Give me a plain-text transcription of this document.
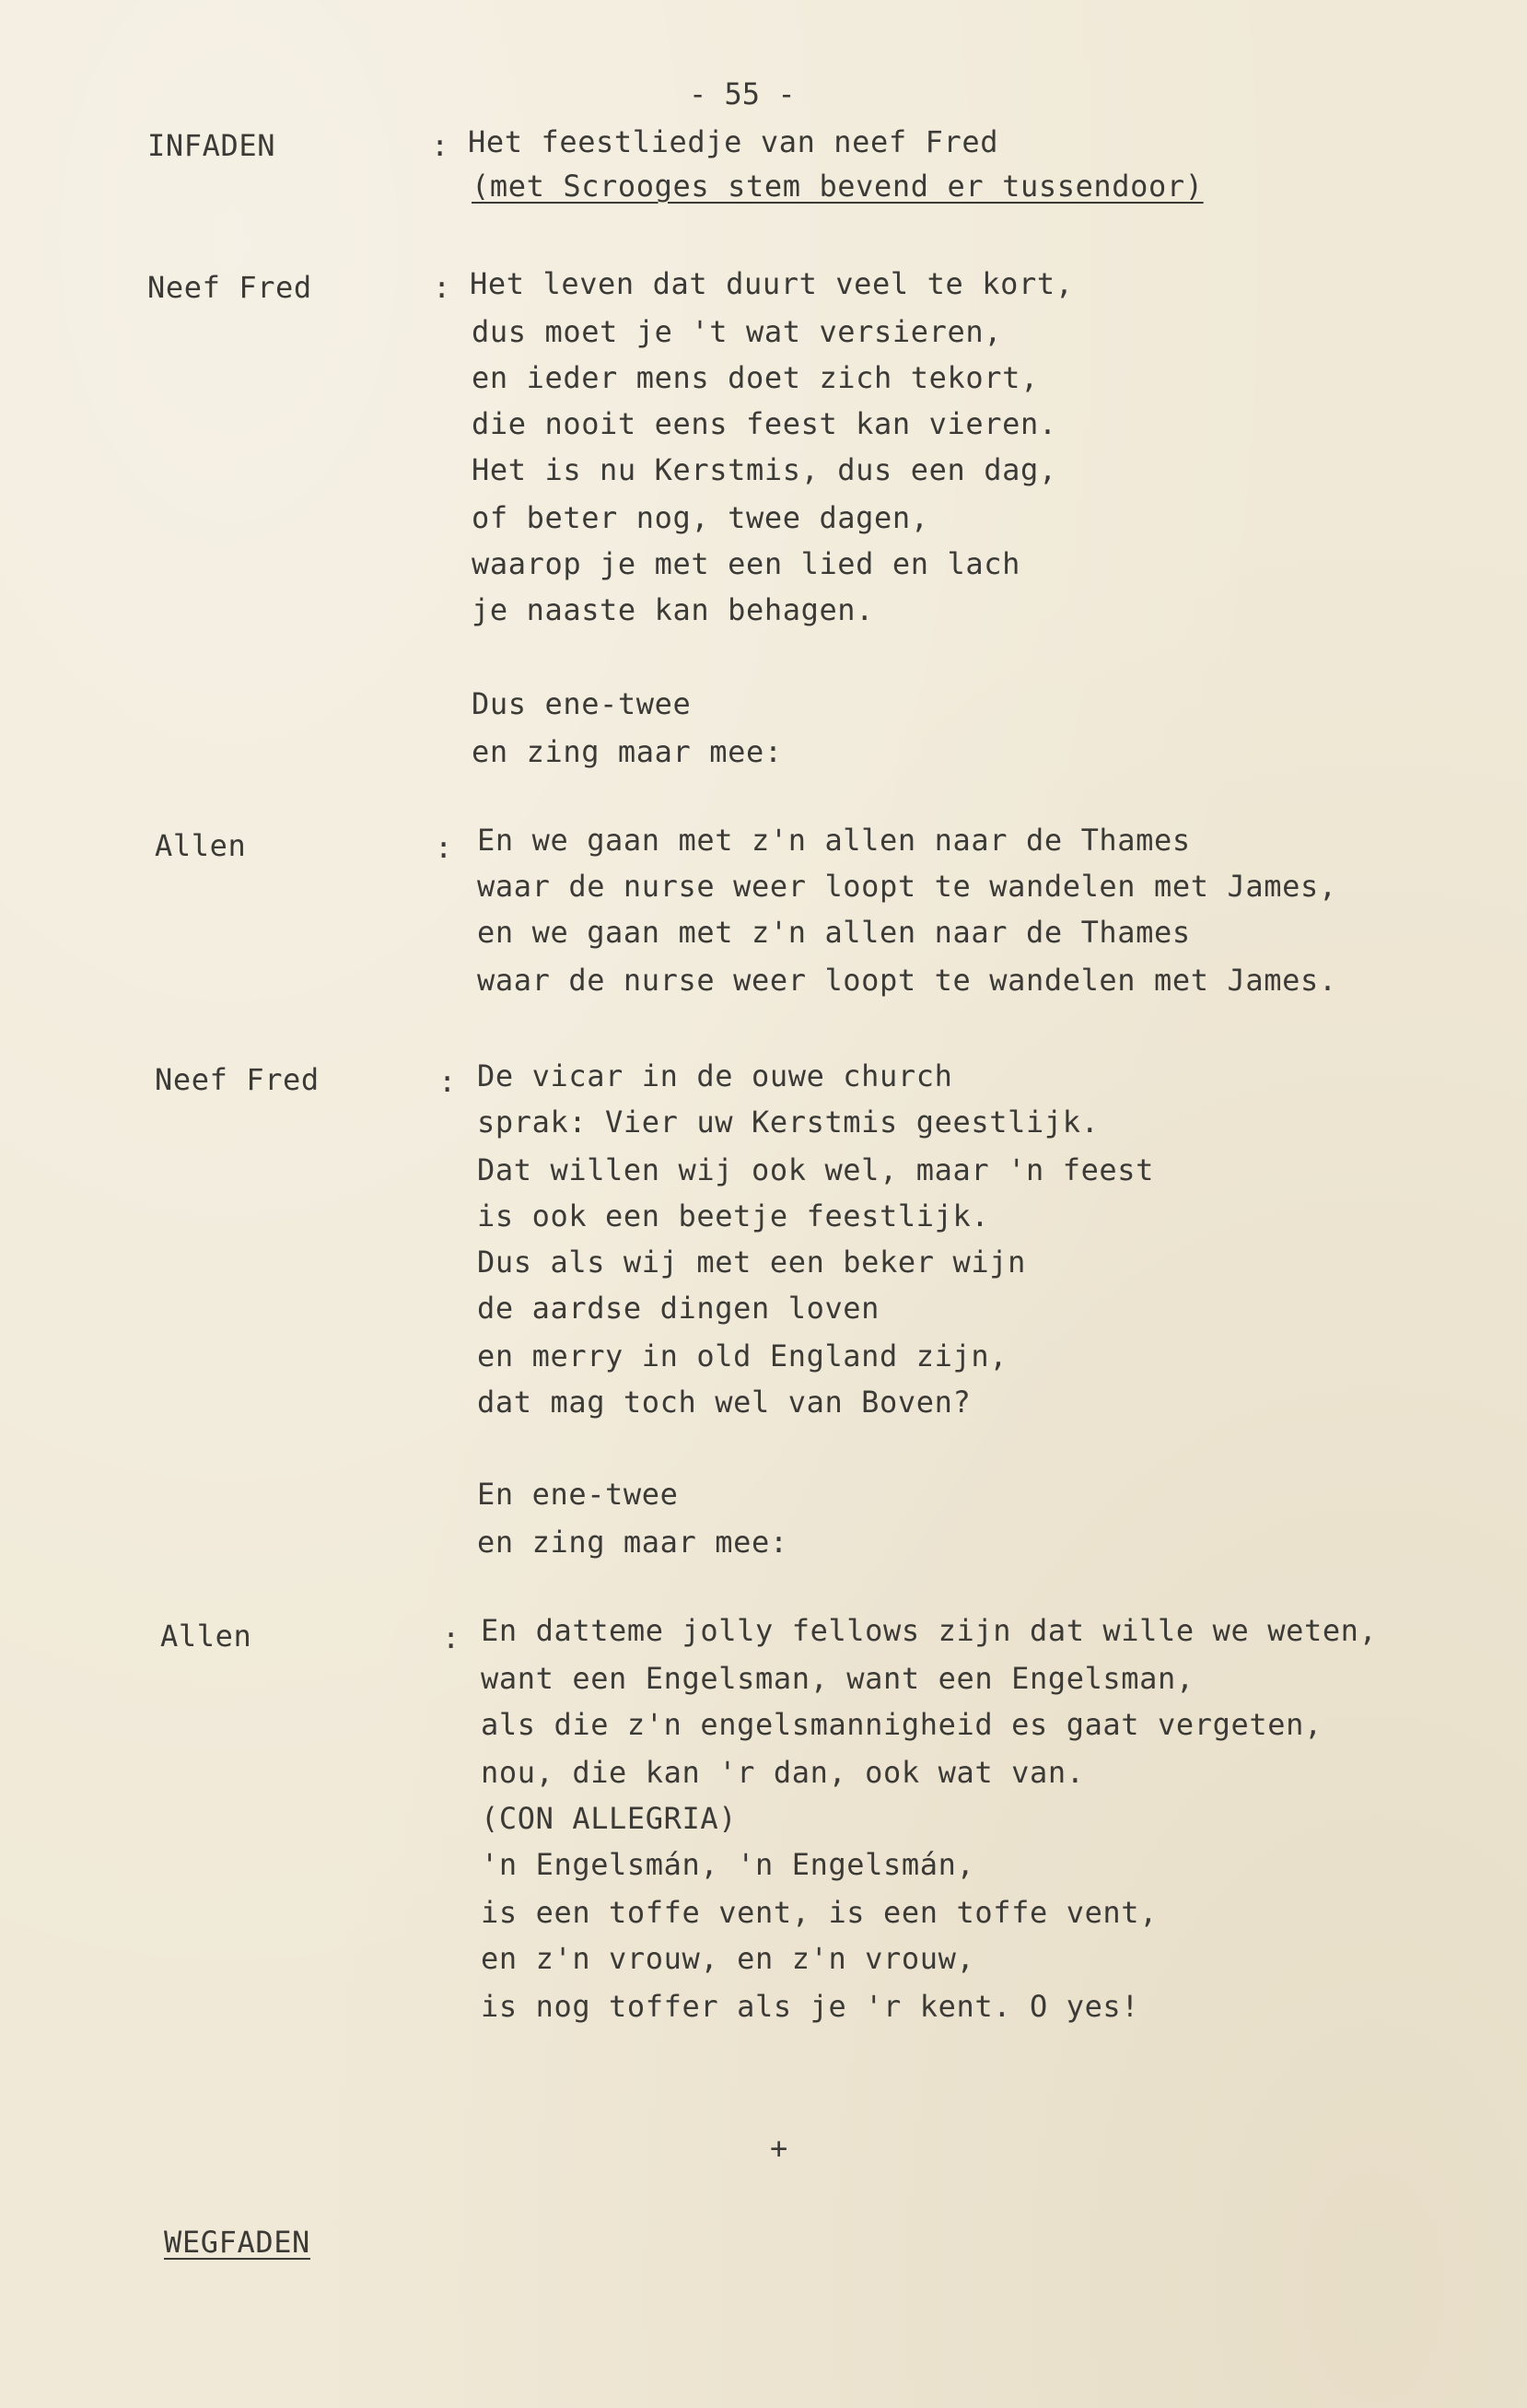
- 55 -
INFADEN	: Het feestliedje van neef Fred
(met Scrooges stem bevend er tussendoor)
Neef Fred	: Het leven dat duurt veel te kort,
dus moet je 't wat versieren,
en ieder mens doet zich tekort,
die nooit eens feest kan vieren.
Het is nu Kerstmis, dus een dag,
of beter nog, twee dagen,
waarop je met een lied en lach
je naaste kan behagen.
Dus ene-twee
en zing maar mee:
Allen	: En we gaan met z'n allen naar de Thames
waar de nurse weer loopt te wandelen met James,
en we gaan met z'n allen naar de Thames
waar de nurse weer loopt te wandelen met James.
Neef Fred	: De vicar in de ouwe church
sprak: Vier uw Kerstmis geestlijk.
Dat willen wij ook wel, maar 'n feest
is ook een beetje feestlijk.
Dus als wij met een beker wijn
de aardse dingen loven
en merry in old England zijn,
dat mag toch wel van Boven?
En ene-twee
en zing maar mee:
Allen	: En datteme jolly fellows zijn dat wille we weten,
want een Engelsman, want een Engelsman,
als die z'n engelsmannigheid es gaat vergeten,
nou, die kan 'r dan, ook wat van.
(CON ALLEGRIA)
'n Engelsmán, 'n Engelsmán,
is een toffe vent, is een toffe vent,
en z'n vrouw, en z'n vrouw,
is nog toffer als je 'r kent. O yes!
+
WEGFADEN
